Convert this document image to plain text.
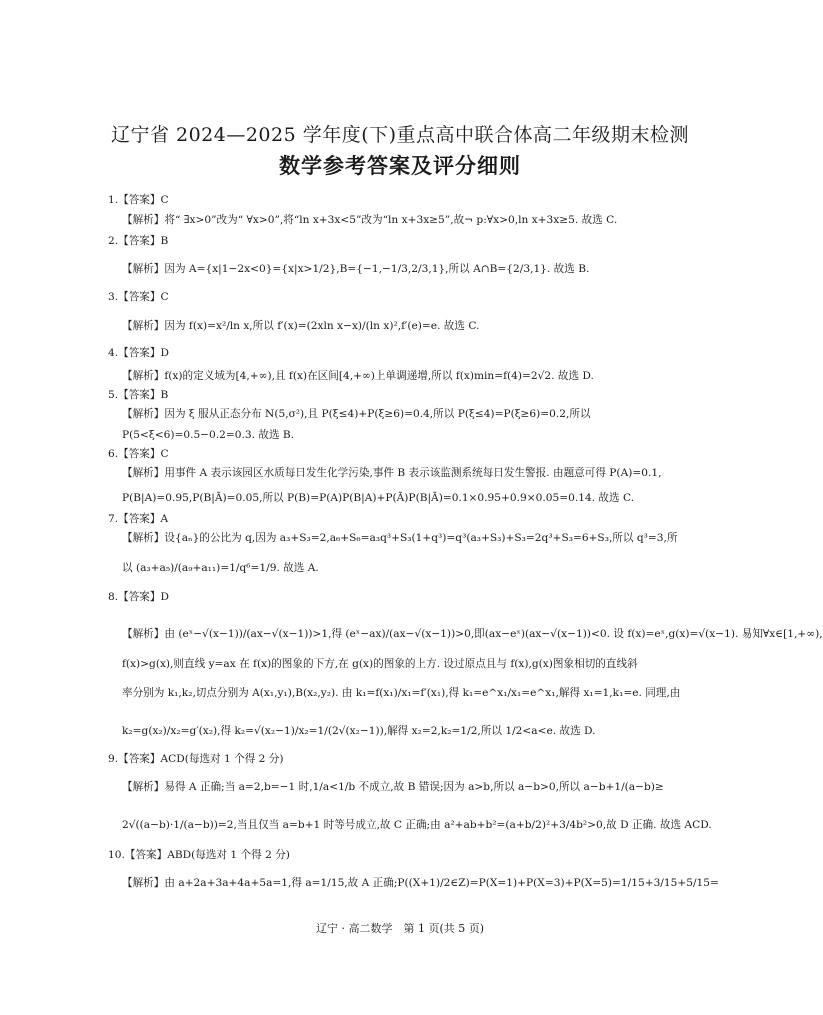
辽宁省 2024—2025 学年度(下)重点高中联合体高二年级期末检测
数学参考答案及评分细则
1.【答案】C
【解析】将“ ∃x>0”改为“ ∀x>0”,将“ln x+3x<5”改为“ln x+3x≥5”,故¬ p:∀x>0,ln x+3x≥5. 故选 C.
2.【答案】B
【解析】因为 A={x|1−2x<0}={x|x>1/2},B={−1,−1/3,2/3,1},所以 A∩B={2/3,1}. 故选 B.
3.【答案】C
【解析】因为 f(x)=x²/ln x,所以 f′(x)=(2xln x−x)/(ln x)²,f′(e)=e. 故选 C.
4.【答案】D
【解析】f(x)的定义域为[4,+∞),且 f(x)在区间[4,+∞)上单调递增,所以 f(x)min=f(4)=2√2. 故选 D.
5.【答案】B
【解析】因为 ξ 服从正态分布 N(5,σ²),且 P(ξ≤4)+P(ξ≥6)=0.4,所以 P(ξ≤4)=P(ξ≥6)=0.2,所以
P(5<ξ<6)=0.5−0.2=0.3. 故选 B.
6.【答案】C
【解析】用事件 A 表示该园区水质每日发生化学污染,事件 B 表示该监测系统每日发生警报. 由题意可得 P(A)=0.1,
P(B|A)=0.95,P(B|Ā)=0.05,所以 P(B)=P(A)P(B|A)+P(Ā)P(B|Ā)=0.1×0.95+0.9×0.05=0.14. 故选 C.
7.【答案】A
【解析】设{aₙ}的公比为 q,因为 a₃+S₃=2,a₆+S₆=a₃q³+S₃(1+q³)=q³(a₃+S₃)+S₃=2q³+S₃=6+S₃,所以 q³=3,所
以 (a₃+a₅)/(a₉+a₁₁)=1/q⁶=1/9. 故选 A.
8.【答案】D
【解析】由 (eˣ−√(x−1))/(ax−√(x−1))>1,得 (eˣ−ax)/(ax−√(x−1))>0,即(ax−eˣ)(ax−√(x−1))<0. 设 f(x)=eˣ,g(x)=√(x−1). 易知∀x∈[1,+∞),
f(x)>g(x),则直线 y=ax 在 f(x)的图象的下方,在 g(x)的图象的上方. 设过原点且与 f(x),g(x)图象相切的直线斜
率分别为 k₁,k₂,切点分别为 A(x₁,y₁),B(x₂,y₂). 由 k₁=f(x₁)/x₁=f′(x₁),得 k₁=e^x₁/x₁=e^x₁,解得 x₁=1,k₁=e. 同理,由
k₂=g(x₂)/x₂=g′(x₂),得 k₂=√(x₂−1)/x₂=1/(2√(x₂−1)),解得 x₂=2,k₂=1/2,所以 1/2<a<e. 故选 D.
9.【答案】ACD(每选对 1 个得 2 分)
【解析】易得 A 正确;当 a=2,b=−1 时,1/a<1/b 不成立,故 B 错误;因为 a>b,所以 a−b>0,所以 a−b+1/(a−b)≥
2√((a−b)·1/(a−b))=2,当且仅当 a=b+1 时等号成立,故 C 正确;由 a²+ab+b²=(a+b/2)²+3/4b²>0,故 D 正确. 故选 ACD.
10.【答案】ABD(每选对 1 个得 2 分)
【解析】由 a+2a+3a+4a+5a=1,得 a=1/15,故 A 正确;P((X+1)/2∈Z)=P(X=1)+P(X=3)+P(X=5)=1/15+3/15+5/15=
辽宁 · 高二数学　第 1 页(共 5 页)
